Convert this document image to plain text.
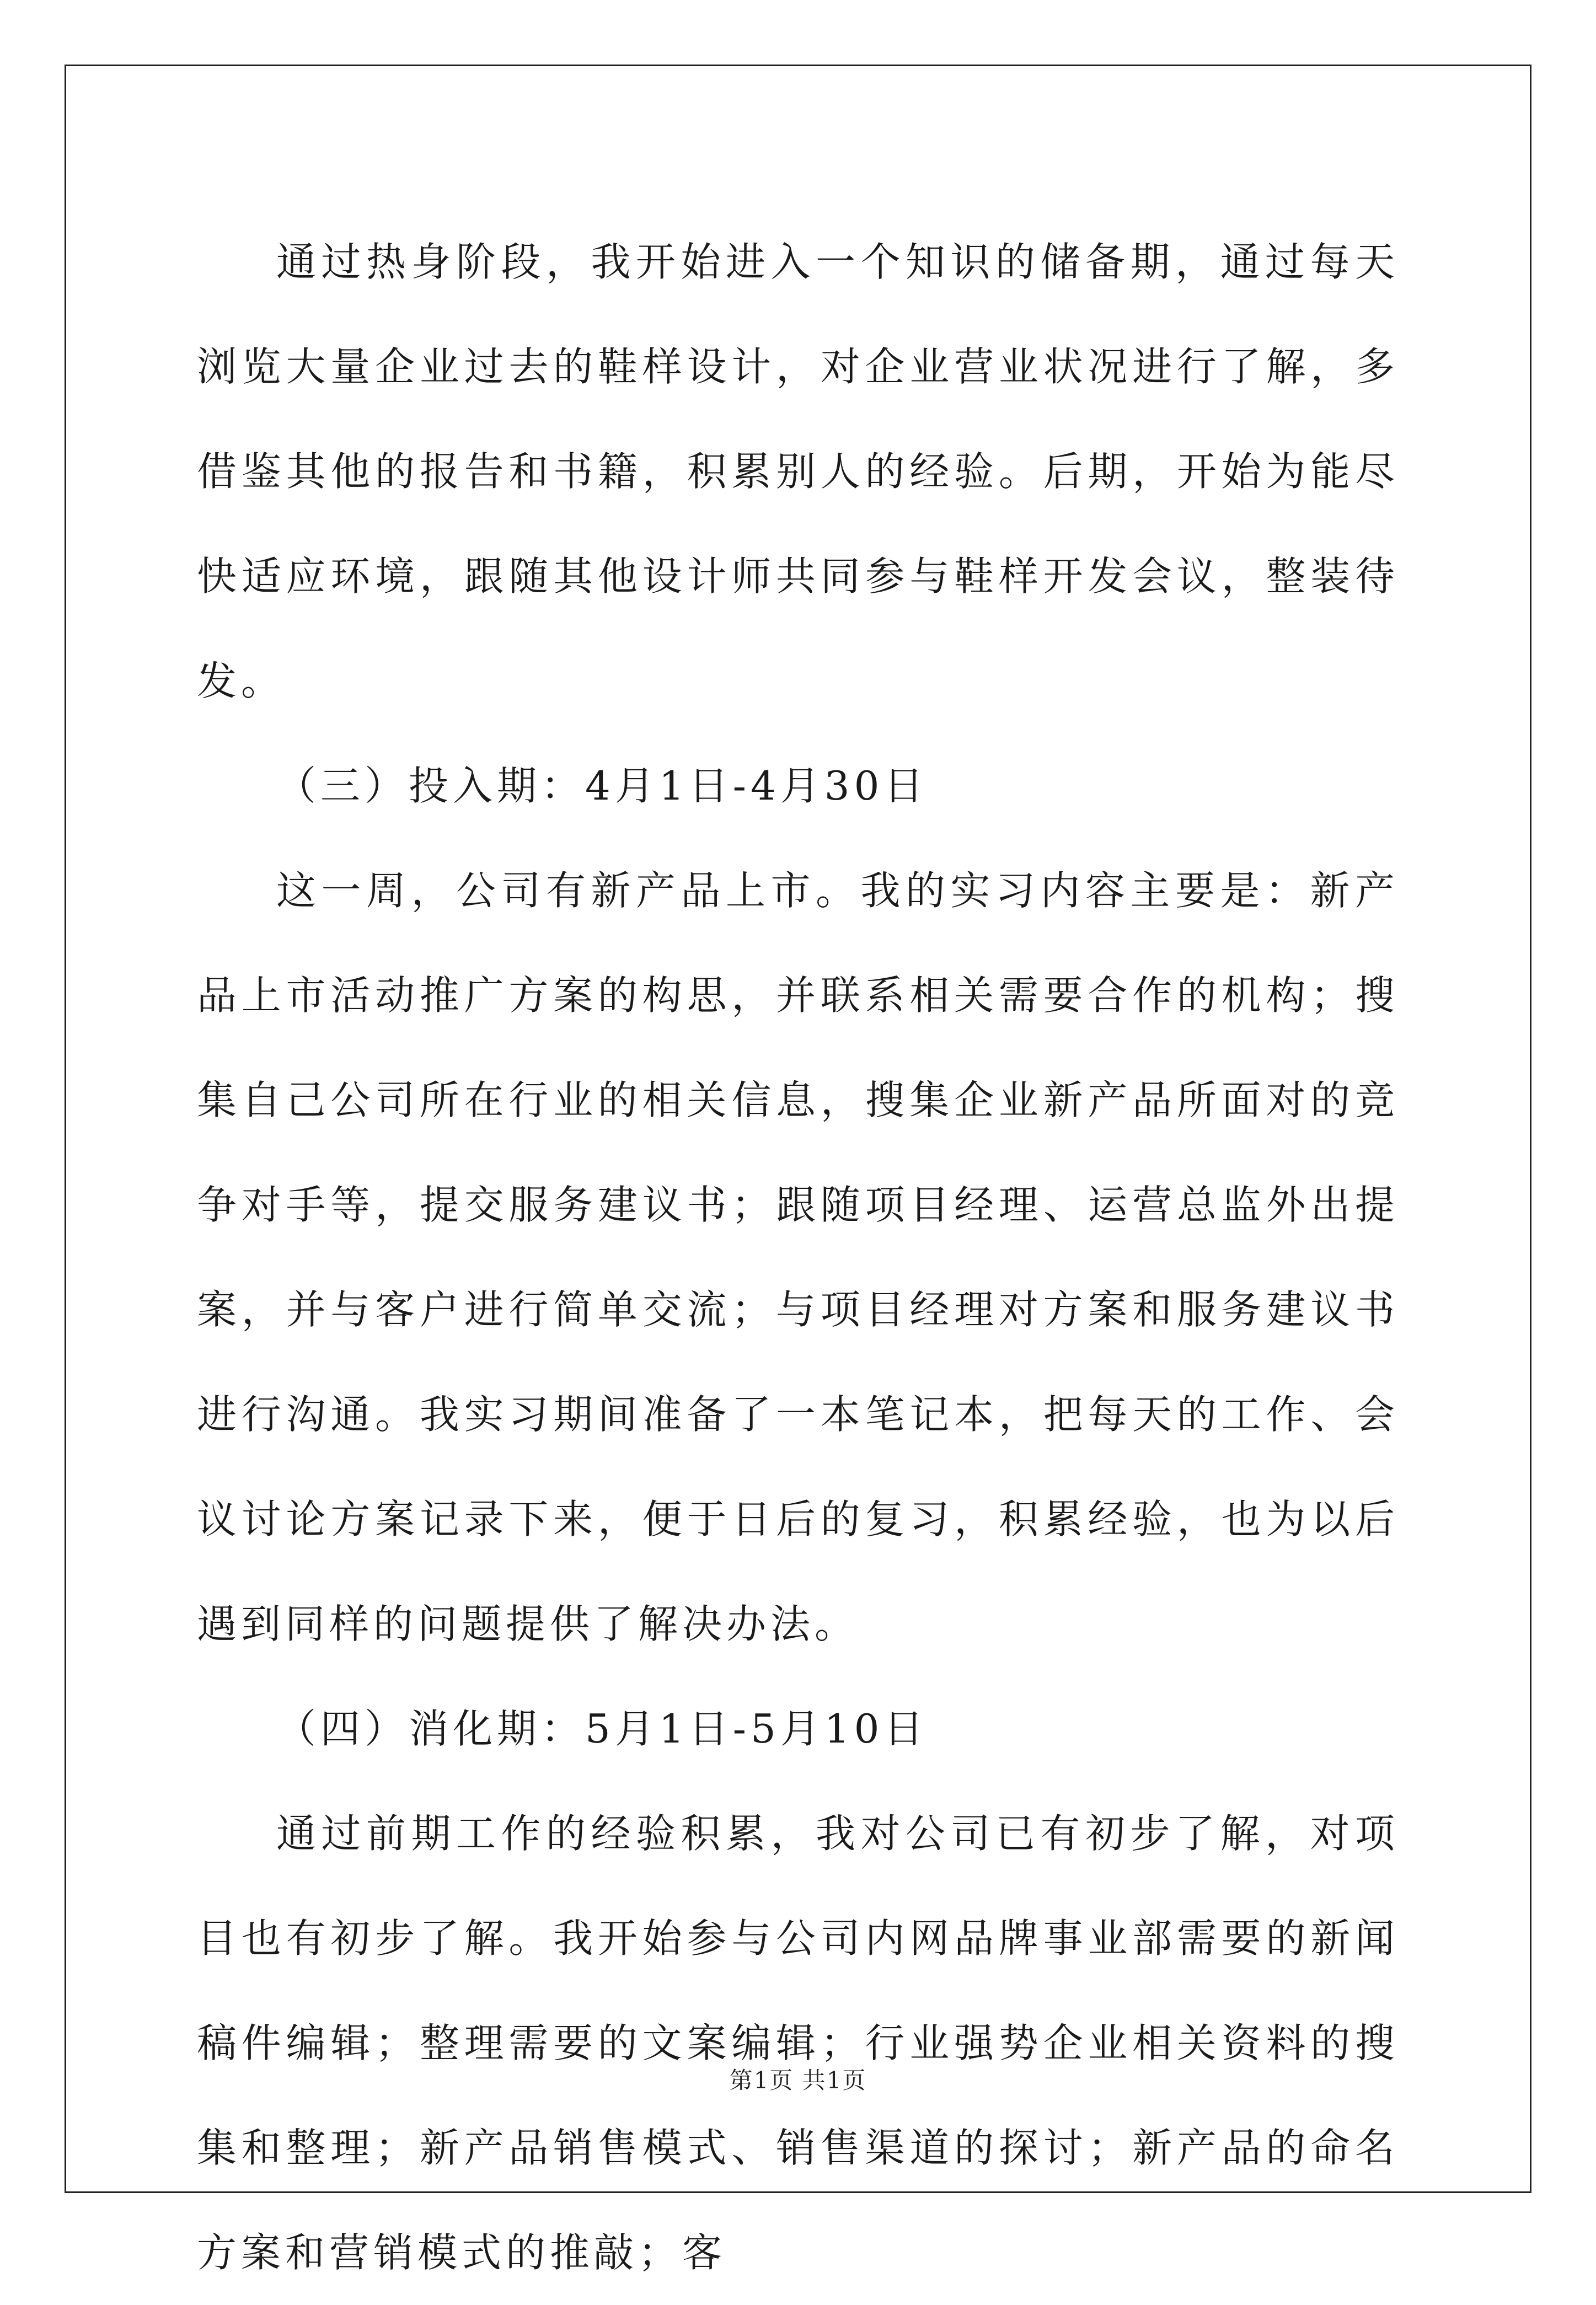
通过热身阶段，我开始进入一个知识的储备期，通过每天浏览大量企业过去的鞋样设计，对企业营业状况进行了解，多借鉴其他的报告和书籍，积累别人的经验。后期，开始为能尽快适应环境，跟随其他设计师共同参与鞋样开发会议，整装待发。

（三）投入期：4月1日-4月30日

这一周，公司有新产品上市。我的实习内容主要是：新产品上市活动推广方案的构思，并联系相关需要合作的机构；搜集自己公司所在行业的相关信息，搜集企业新产品所面对的竞争对手等，提交服务建议书；跟随项目经理、运营总监外出提案，并与客户进行简单交流；与项目经理对方案和服务建议书进行沟通。我实习期间准备了一本笔记本，把每天的工作、会议讨论方案记录下来，便于日后的复习，积累经验，也为以后遇到同样的问题提供了解决办法。

（四）消化期：5月1日-5月10日

通过前期工作的经验积累，我对公司已有初步了解，对项目也有初步了解。我开始参与公司内网品牌事业部需要的新闻稿件编辑；整理需要的文案编辑；行业强势企业相关资料的搜集和整理；新产品销售模式、销售渠道的探讨；新产品的命名方案和营销模式的推敲；客

第1页 共1页
